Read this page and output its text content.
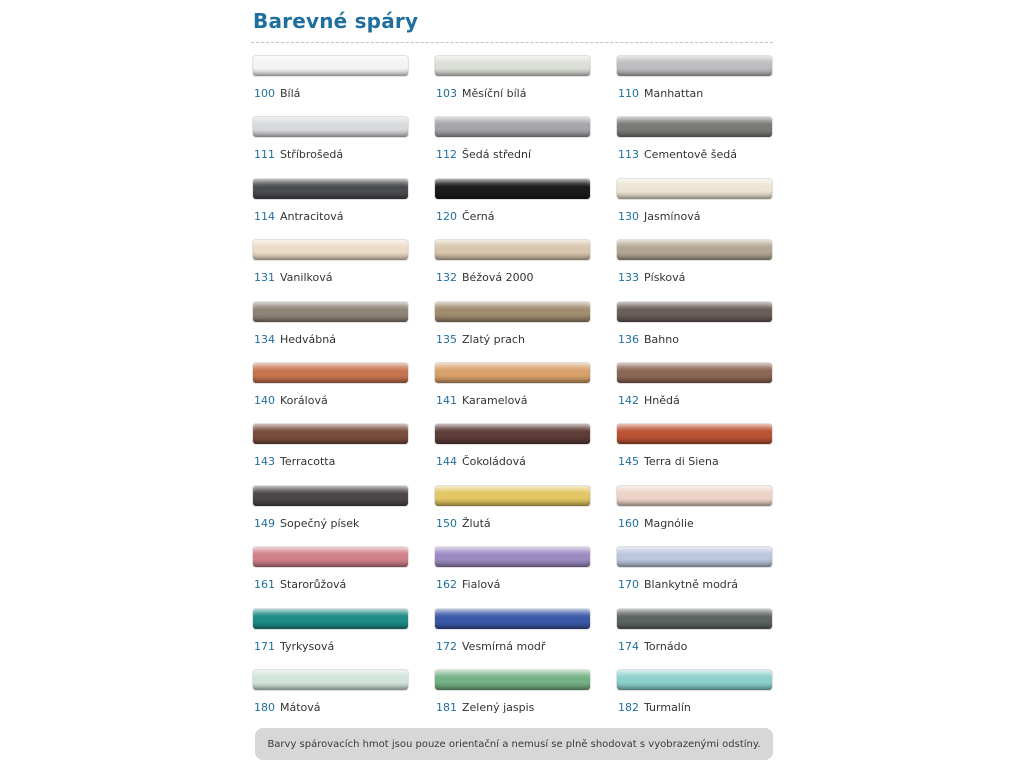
Barevné spáry
100 Bílá	103 Měsíční bílá	110 Manhattan
111 Stříbrošedá	112 Šedá střední	113 Cementově šedá
114 Antracitová	120 Černá	130 Jasmínová
131 Vanilková	132 Béžová 2000	133 Písková
134 Hedvábná	135 Zlatý prach	136 Bahno
140 Korálová	141 Karamelová	142 Hnědá
143 Terracotta	144 Čokoládová	145 Terra di Siena
149 Sopečný písek	150 Žlutá	160 Magnólie
161 Starorůžová	162 Fialová	170 Blankytně modrá
171 Tyrkysová	172 Vesmírná modř	174 Tornádo
180 Mátová	181 Zelený jaspis	182 Turmalín
Barvy spárovacích hmot jsou pouze orientační a nemusí se plně shodovat s vyobrazenými odstíny.
